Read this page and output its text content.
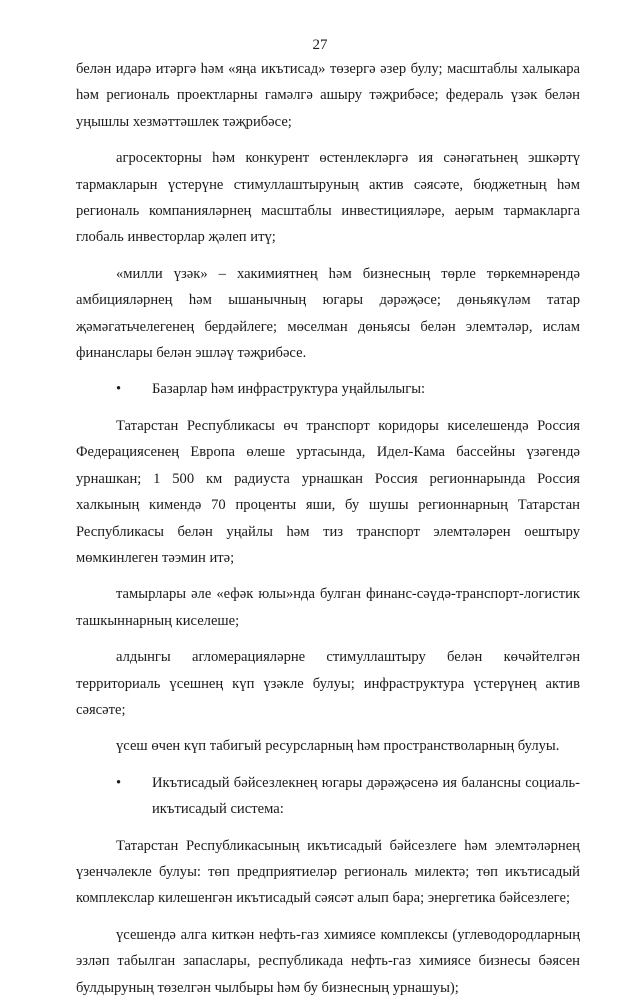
27

белән идарә итәргә һәм «яңа икътисад» төзергә әзер булу; масштаблы халыкара һәм региональ проектларны гамәлгә ашыру тәҗрибәсе; федераль үзәк белән уңышлы хезмәттәшлек тәҗрибәсе;

агросекторны һәм конкурент өстенлекләргә ия сәнәгатьнең эшкәртү тармакларын үстерүне стимуллаштыруның актив сәясәте, бюджетның һәм региональ компанияләрнең масштаблы инвестицияләре, аерым тармакларга глобаль инвесторлар җәлеп итү;

«милли үзәк» – хакимиятнең һәм бизнесның төрле төркемнәрендә амбицияләрнең һәм ышанычның югары дәрәҗәсе; дөньякүләм татар җәмәгатьчелегенең бердәйлеге; мөселман дөньясы белән элемтәләр, ислам финанслары белән эшләү тәҗрибәсе.

• Базарлар һәм инфраструктура уңайлылыгы:

Татарстан Республикасы өч транспорт коридоры киселешендә Россия Федерациясенең Европа өлеше уртасында, Идел-Кама бассейны үзәгендә урнашкан; 1 500 км радиуста урнашкан Россия регионнарында Россия халкының кимендә 70 проценты яши, бу шушы регионнарның Татарстан Республикасы белән уңайлы һәм тиз транспорт элемтәләрен оештыру мөмкинлеген тәэмин итә;

тамырлары әле «ефәк юлы»нда булган финанс-сәүдә-транспорт-логистик ташкыннарның киселеше;

алдынгы агломерацияләрне стимуллаштыру белән көчәйтелгән территориаль үсешнең күп үзәкле булуы; инфраструктура үстерүнең актив сәясәте;

үсеш өчен күп табигый ресурсларның һәм пространстволарның булуы.

• Икътисадый бәйсезлекнең югары дәрәҗәсенә ия балансны социаль-икътисадый система:

Татарстан Республикасының икътисадый бәйсезлеге һәм элемтәләрнең үзенчәлекле булуы: төп предприятиеләр региональ милектә; төп икътисадый комплекслар килешенгән икътисадый сәясәт алып бара; энергетика бәйсезлеге;

үсешендә алга киткән нефть-газ химиясе комплексы (углеводородларның эзләп табылган запаслары, республикада нефть-газ химиясе бизнесы бәясен булдыруның төзелгән чылбыры һәм бу бизнесның урнашуы);
